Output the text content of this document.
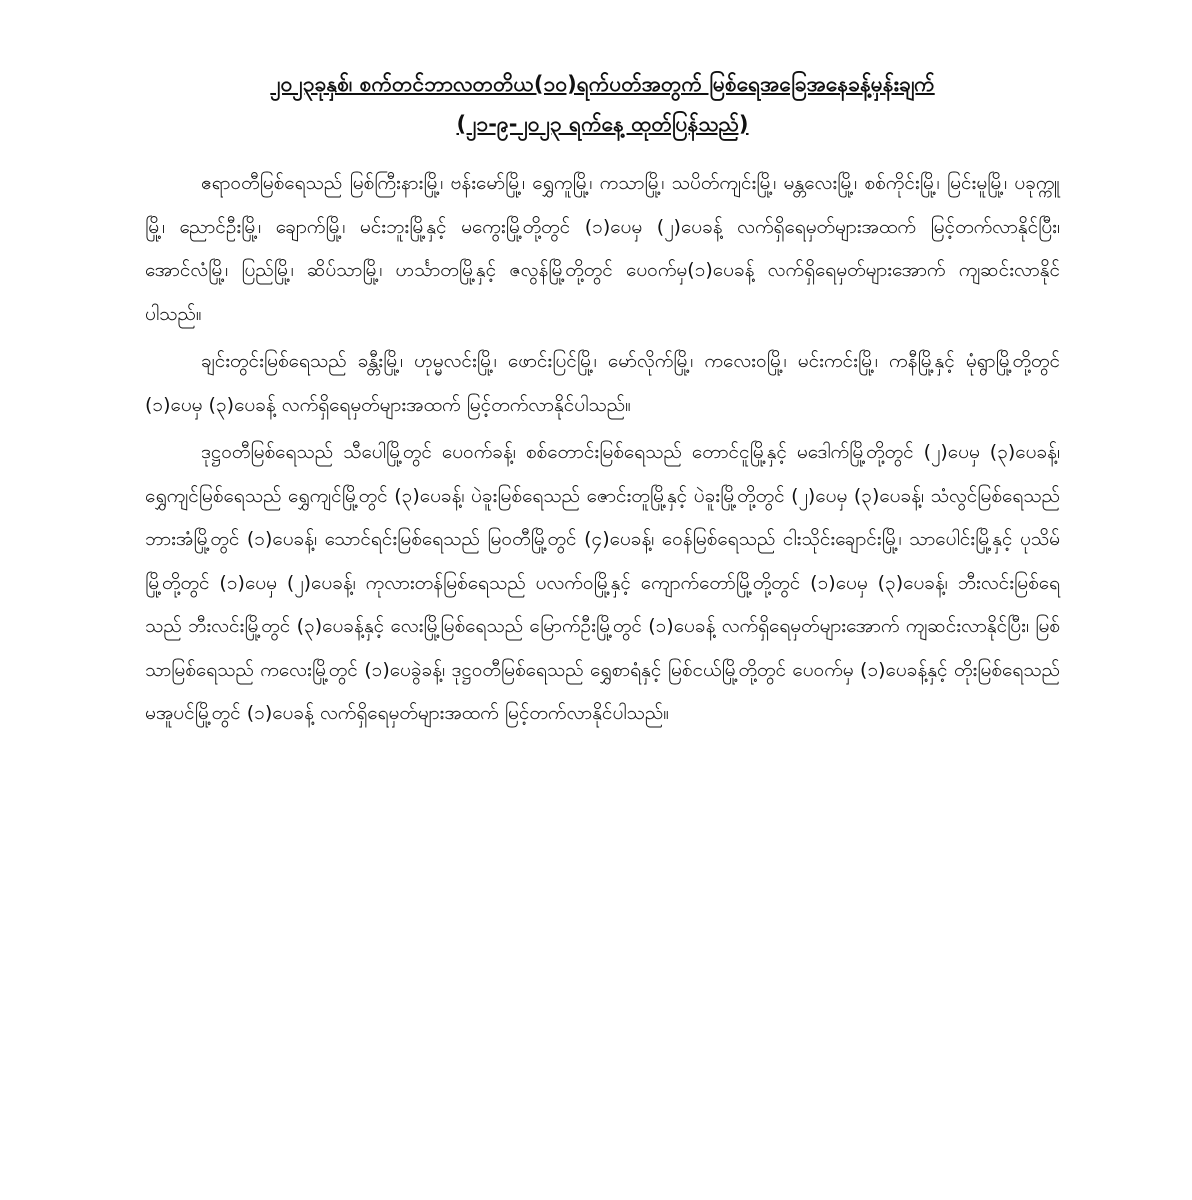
၂၀၂၃ခုနှစ်၊ စက်တင်ဘာလတတိယ(၁၀)ရက်ပတ်အတွက် မြစ်ရေအခြေအနေခန့်မှန်းချက်
(၂၁-၉-၂၀၂၃ ရက်နေ့ ထုတ်ပြန်သည်)

ဧရာဝတီမြစ်ရေသည် မြစ်ကြီးနားမြို့၊ ဗန်းမော်မြို့၊ ရွှေကူမြို့၊ ကသာမြို့၊ သပိတ်ကျင်းမြို့၊ မန္တလေးမြို့၊ စစ်ကိုင်းမြို့၊ မြင်းမူမြို့၊ ပခုက္ကူမြို့၊ ညောင်ဦးမြို့၊ ချောက်မြို့၊ မင်းဘူးမြို့နှင့် မကွေးမြို့တို့တွင် (၁)ပေမှ (၂)ပေခန့် လက်ရှိရေမှတ်များအထက် မြင့်တက်လာနိုင်ပြီး၊ အောင်လံမြို့၊ ပြည်မြို့၊ ဆိပ်သာမြို့၊ ဟင်္သာတမြို့နှင့် ဇလွန်မြို့တို့တွင် ပေဝက်မှ(၁)ပေခန့် လက်ရှိရေမှတ်များအောက် ကျဆင်းလာနိုင်ပါသည်။

ချင်းတွင်းမြစ်ရေသည် ခန္တီးမြို့၊ ဟုမ္မလင်းမြို့၊ ဖောင်းပြင်မြို့၊ မော်လိုက်မြို့၊ ကလေးဝမြို့၊ မင်းကင်းမြို့၊ ကနီမြို့နှင့် မုံရွာမြို့တို့တွင် (၁)ပေမှ (၃)ပေခန့် လက်ရှိရေမှတ်များအထက် မြင့်တက်လာနိုင်ပါသည်။

ဒုဋ္ဌဝတီမြစ်ရေသည် သီပေါမြို့တွင် ပေဝက်ခန့်၊ စစ်တောင်းမြစ်ရေသည် တောင်ငူမြို့နှင့် မဒေါက်မြို့တို့တွင် (၂)ပေမှ (၃)ပေခန့်၊ ရွှေကျင်မြစ်ရေသည် ရွှေကျင်မြို့တွင် (၃)ပေခန့်၊ ပဲခူးမြစ်ရေသည် ဇောင်းတူမြို့နှင့် ပဲခူးမြို့တို့တွင် (၂)ပေမှ (၃)ပေခန့်၊ သံလွင်မြစ်ရေသည် ဘားအံမြို့တွင် (၁)ပေခန့်၊ သောင်ရင်းမြစ်ရေသည် မြဝတီမြို့တွင် (၄)ပေခန့်၊ ဝေန်မြစ်ရေသည် ငါးသိုင်းချောင်းမြို့၊ သာပေါင်းမြို့နှင့် ပုသိမ်မြို့တို့တွင် (၁)ပေမှ (၂)ပေခန့်၊ ကုလားတန်မြစ်ရေသည် ပလက်ဝမြို့နှင့် ကျောက်တော်မြို့တို့တွင် (၁)ပေမှ (၃)ပေခန့်၊ ဘီးလင်းမြစ်ရေသည် ဘီးလင်းမြို့တွင် (၃)ပေခန့်နှင့် လေးမြို့မြစ်ရေသည် မြောက်ဦးမြို့တွင် (၁)ပေခန့် လက်ရှိရေမှတ်များအောက် ကျဆင်းလာနိုင်ပြီး၊ မြစ်သာမြစ်ရေသည် ကလေးမြို့တွင် (၁)ပေခွဲခန့်၊ ဒုဋ္ဌဝတီမြစ်ရေသည် ရွှေစာရံနှင့် မြစ်ငယ်မြို့တို့တွင် ပေဝက်မှ (၁)ပေခန့်နှင့် တိုးမြစ်ရေသည် မအူပင်မြို့တွင် (၁)ပေခန့် လက်ရှိရေမှတ်များအထက် မြင့်တက်လာနိုင်ပါသည်။
